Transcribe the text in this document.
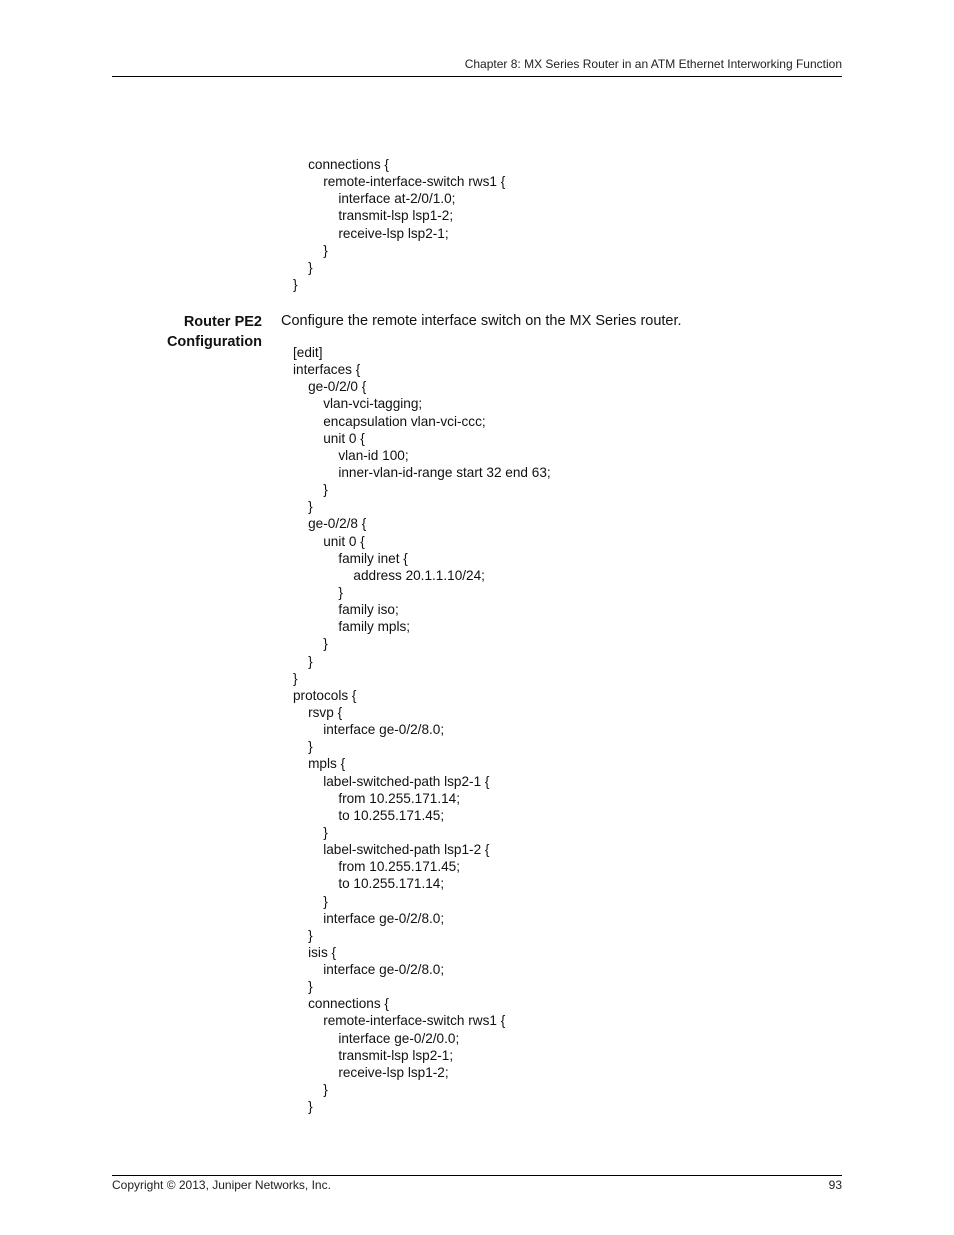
Chapter 8: MX Series Router in an ATM Ethernet Interworking Function
connections {
remote-interface-switch rws1 {
interface at-2/0/1.0;
transmit-lsp lsp1-2;
receive-lsp lsp2-1;
}
}
}
Router PE2
Configuration
Configure the remote interface switch on the MX Series router.
[edit]
interfaces {
ge-0/2/0 {
vlan-vci-tagging;
encapsulation vlan-vci-ccc;
unit 0 {
vlan-id 100;
inner-vlan-id-range start 32 end 63;
}
}
ge-0/2/8 {
unit 0 {
family inet {
address 20.1.1.10/24;
}
family iso;
family mpls;
}
}
}
protocols {
rsvp {
interface ge-0/2/8.0;
}
mpls {
label-switched-path lsp2-1 {
from 10.255.171.14;
to 10.255.171.45;
}
label-switched-path lsp1-2 {
from 10.255.171.45;
to 10.255.171.14;
}
interface ge-0/2/8.0;
}
isis {
interface ge-0/2/8.0;
}
connections {
remote-interface-switch rws1 {
interface ge-0/2/0.0;
transmit-lsp lsp2-1;
receive-lsp lsp1-2;
}
}
Copyright © 2013, Juniper Networks, Inc.	93
